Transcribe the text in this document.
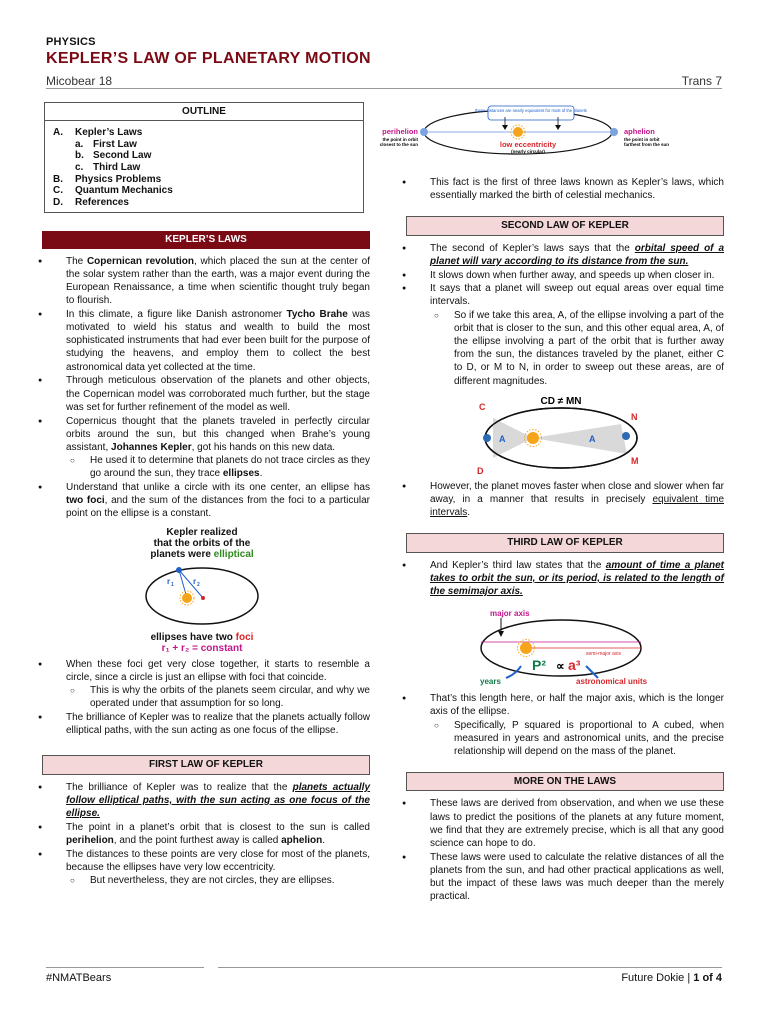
PHYSICS
KEPLER’S LAW OF PLANETARY MOTION
Micobear 18	Trans 7
OUTLINE
A.	Kepler’s Laws
a. First Law
b. Second Law
c. Third Law
B.	Physics Problems
C.	Quantum Mechanics
D.	References
KEPLER’S LAWS
● The Copernican revolution, which placed the sun at the center of the solar system rather than the earth, was a major event during the European Renaissance, a time when scientific thought truly began to flourish.
● In this climate, a figure like Danish astronomer Tycho Brahe was motivated to wield his status and wealth to build the most sophisticated instruments that had ever been built for the purpose of studying the heavens, and employ them to collect the best astronomical data yet collected at the time.
● Through meticulous observation of the planets and other objects, the Copernican model was corroborated much further, but the stage was set for further refinement of the model as well.
● Copernicus thought that the planets traveled in perfectly circular orbits around the sun, but this changed when Brahe’s young assistant, Johannes Kepler, got his hands on this new data.
○ He used it to determine that planets do not trace circles as they go around the sun, they trace ellipses.
● Understand that unlike a circle with its one center, an ellipse has two foci, and the sum of the distances from the foci to a particular point on the ellipse is a constant.
Kepler realized
that the orbits of the
planets were elliptical
r 1 r 2
ellipses have two foci
r₁ + r₂ = constant
● When these foci get very close together, it starts to resemble a circle, since a circle is just an ellipse with foci that coincide.
○ This is why the orbits of the planets seem circular, and why we operated under that assumption for so long.
● The brilliance of Kepler was to realize that the planets actually follow elliptical paths, with the sun acting as one focus of the ellipse.
FIRST LAW OF KEPLER
● The brilliance of Kepler was to realize that the planets actually follow elliptical paths, with the sun acting as one focus of the ellipse.
● The point in a planet’s orbit that is closest to the sun is called perihelion, and the point furthest away is called aphelion.
● The distances to these points are very close for most of the planets, because the ellipses have very low eccentricity.
○ But nevertheless, they are not circles, they are ellipses.
these distances are nearly equivalent for most of the planets
perihelion
the point in orbit
closest to the sun
aphelion
the point in orbit
farthest from the sun
low eccentricity
(nearly circular)
● This fact is the first of three laws known as Kepler’s laws, which essentially marked the birth of celestial mechanics.
SECOND LAW OF KEPLER
● The second of Kepler’s laws says that the orbital speed of a planet will vary according to its distance from the sun.
● It slows down when further away, and speeds up when closer in.
● It says that a planet will sweep out equal areas over equal time intervals.
○ So if we take this area, A, of the ellipse involving a part of the orbit that is closer to the sun, and this other equal area, A, of the ellipse involving a part of the orbit that is further away from the sun, the distances traveled by the planet, either C to D, or M to N, in order to sweep out these areas, are of different magnitudes.
C
D
N
M
A	A
CD ≠ MN
● However, the planet moves faster when close and slower when far away, in a manner that results in precisely equivalent time intervals.
THIRD LAW OF KEPLER
● And Kepler’s third law states that the amount of time a planet takes to orbit the sun, or its period, is related to the length of the semimajor axis.
major axis
semi-major axis
P² ∝ a³
years	astronomical units
● That’s this length here, or half the major axis, which is the longer axis of the ellipse.
○ Specifically, P squared is proportional to A cubed, when measured in years and astronomical units, and the precise relationship will depend on the mass of the planet.
MORE ON THE LAWS
● These laws are derived from observation, and when we use these laws to predict the positions of the planets at any future moment, we find that they are extremely precise, which is all that any good science can hope to do.
● These laws were used to calculate the relative distances of all the planets from the sun, and had other practical applications as well, but the impact of these laws was much deeper than the merely practical.
#NMATBears	Future Dokie | 1 of 4
